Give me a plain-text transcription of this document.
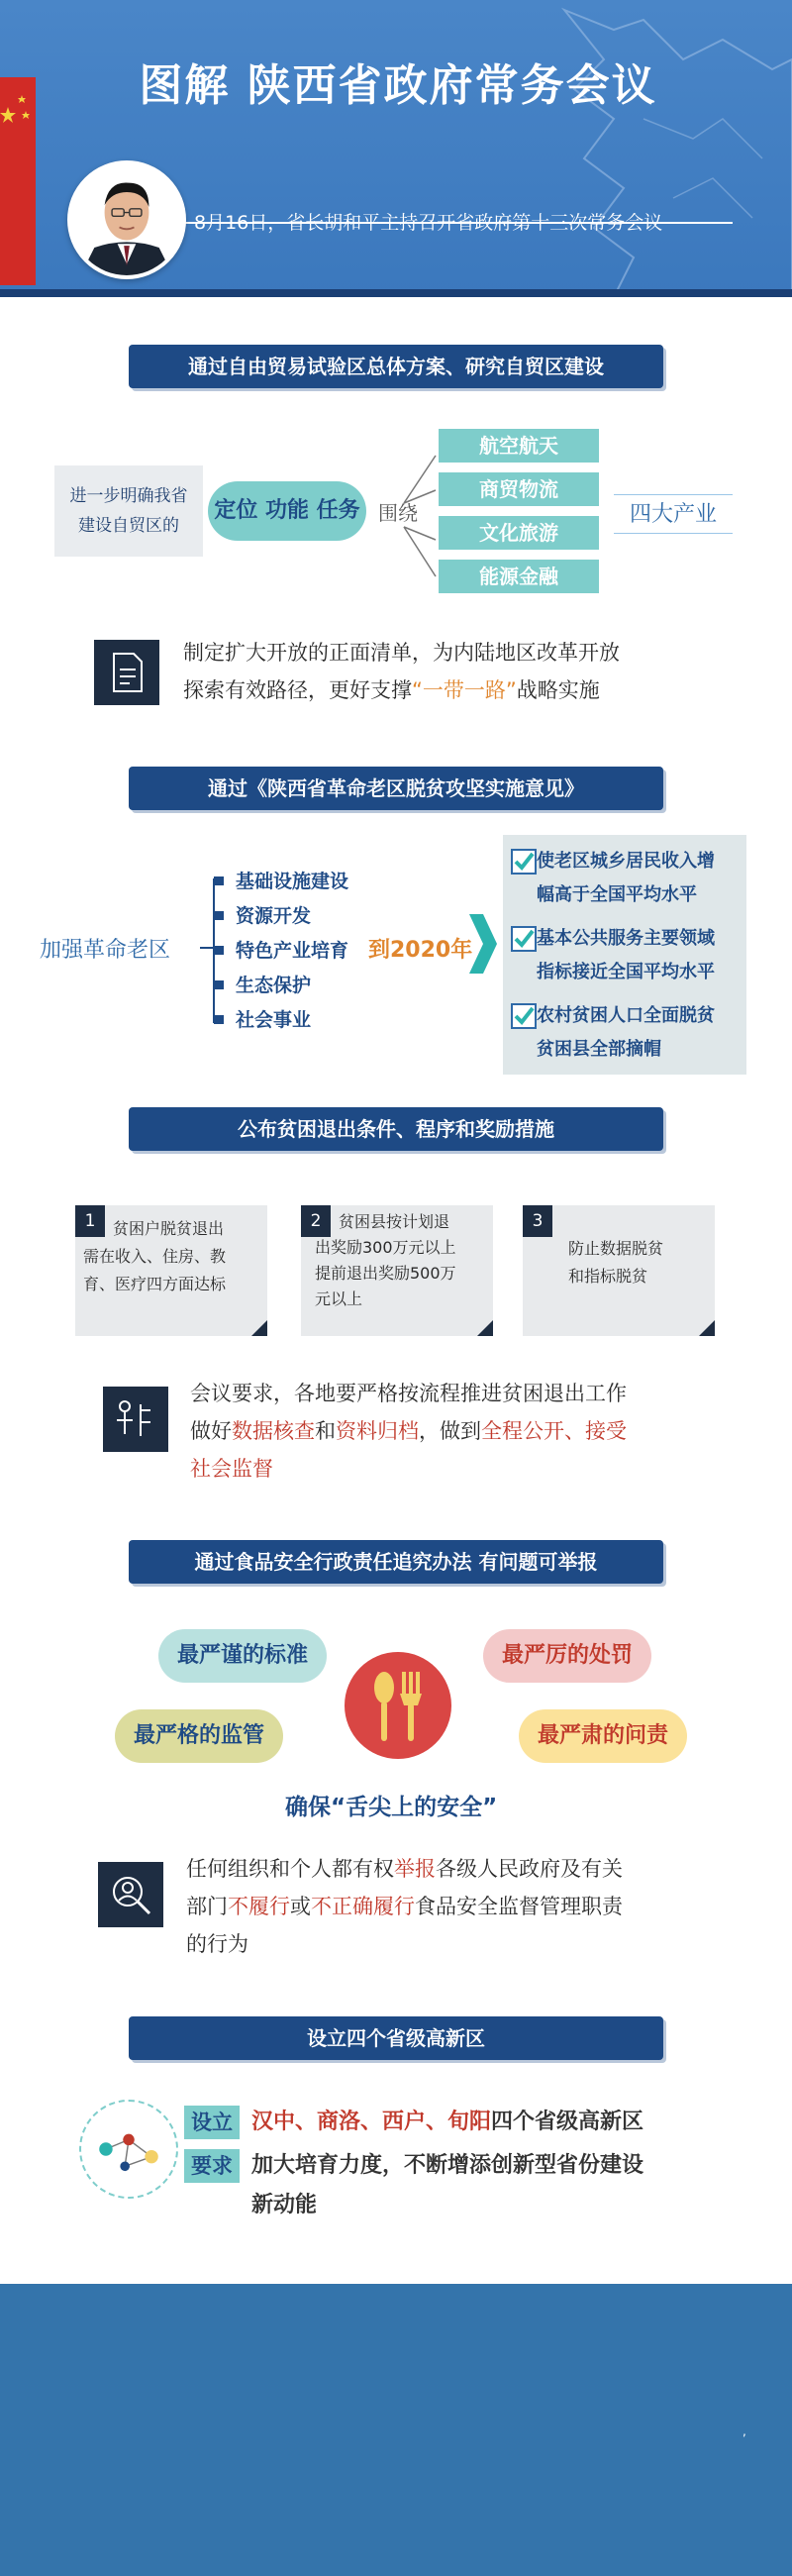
图解 陕西省政府常务会议
8月16日，省长胡和平主持召开省政府第十三次常务会议
通过自由贸易试验区总体方案、研究自贸区建设
进一步明确我省
建设自贸区的
定位 功能 任务 围绕
航空航天
商贸物流
文化旅游
能源金融
四大产业
制定扩大开放的正面清单，为内陆地区改革开放
探索有效路径，更好支撑“一带一路”战略实施
通过《陕西省革命老区脱贫攻坚实施意见》
加强革命老区
基础设施建设
资源开发
特色产业培育
生态保护
社会事业
到2020年
使老区城乡居民收入增
幅高于全国平均水平
基本公共服务主要领域
指标接近全国平均水平
农村贫困人口全面脱贫
贫困县全部摘帽
公布贫困退出条件、程序和奖励措施
1	贫困户脱贫退出
需在收入、住房、教
育、医疗四方面达标
2	贫困县按计划退
出奖励300万元以上
提前退出奖励500万
元以上
3
防止数据脱贫
和指标脱贫
会议要求，各地要严格按流程推进贫困退出工作
做好数据核查和资料归档，做到全程公开、接受
社会监督
通过食品安全行政责任追究办法 有问题可举报
最严谨的标准	最严厉的处罚
最严格的监管	最严肃的问责
确保“舌尖上的安全”
任何组织和个人都有权举报各级人民政府及有关
部门不履行或不正确履行食品安全监督管理职责
的行为
设立四个省级高新区
设立 汉中、商洛、西户、旬阳四个省级高新区
要求 加大培育力度，不断增添创新型省份建设
新动能
,
